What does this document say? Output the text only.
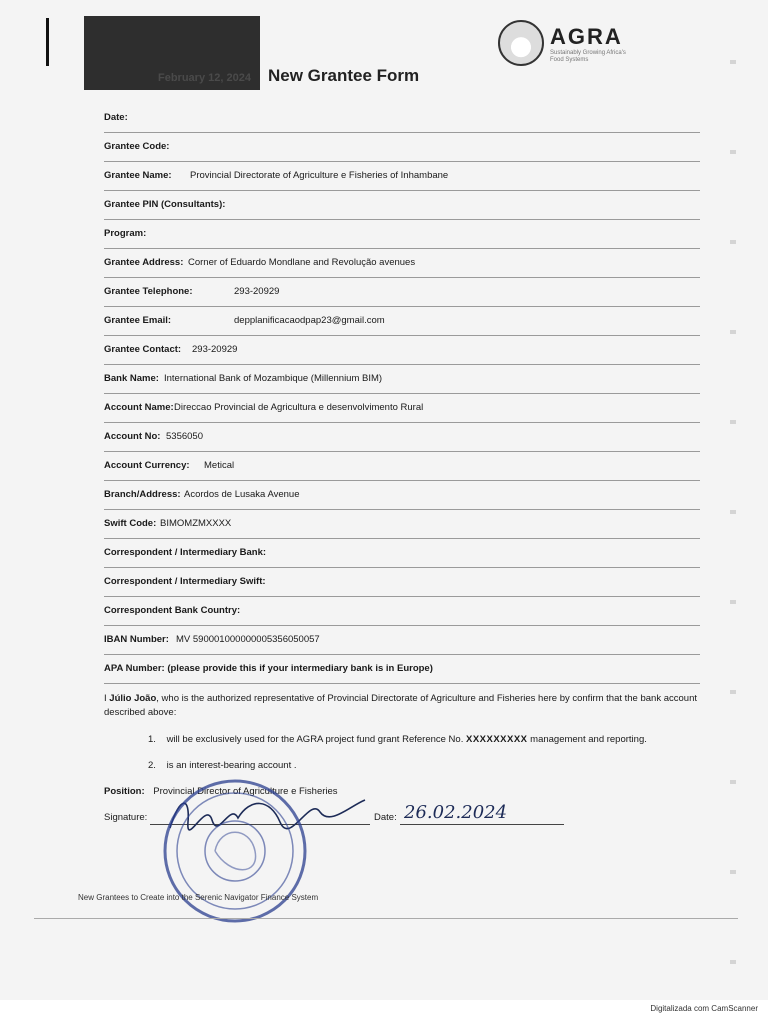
February 12, 2024 New Grantee Form
AGRA
Sustainably Growing Africa's Food Systems
Date:
Grantee Code:
Grantee Name: Provincial Directorate of Agriculture e Fisheries of Inhambane
Grantee PIN (Consultants):
Program:
Grantee Address: Corner of Eduardo Mondlane and Revolução avenues
Grantee Telephone:	293-20929
Grantee Email:	depplanificacaodpap23@gmail.com
Grantee Contact: 293-20929
Bank Name: International Bank of Mozambique (Millennium BIM)
Account Name: Direccao Provincial de Agricultura e desenvolvimento Rural
Account No: 5356050
Account Currency: Metical
Branch/Address: Acordos de Lusaka Avenue
Swift Code: BIMOMZMXXXX
Correspondent / Intermediary Bank:
Correspondent / Intermediary Swift:
Correspondent Bank Country:
IBAN Number: MV 590001000000005356050057
APA Number: (please provide this if your intermediary bank is in Europe)
I Júlio João, who is the authorized representative of Provincial Directorate of Agriculture and Fisheries here by confirm that the bank account described above:
1. will be exclusively used for the AGRA project fund grant Reference No. XXXXXXXXX management and reporting.
2. is an interest-bearing account .
Position: Provincial Director of Agriculture e Fisheries
Signature:	Date: 26.02.2024
New Grantees to Create into the Serenic Navigator Finance System
Digitalizada com CamScanner
